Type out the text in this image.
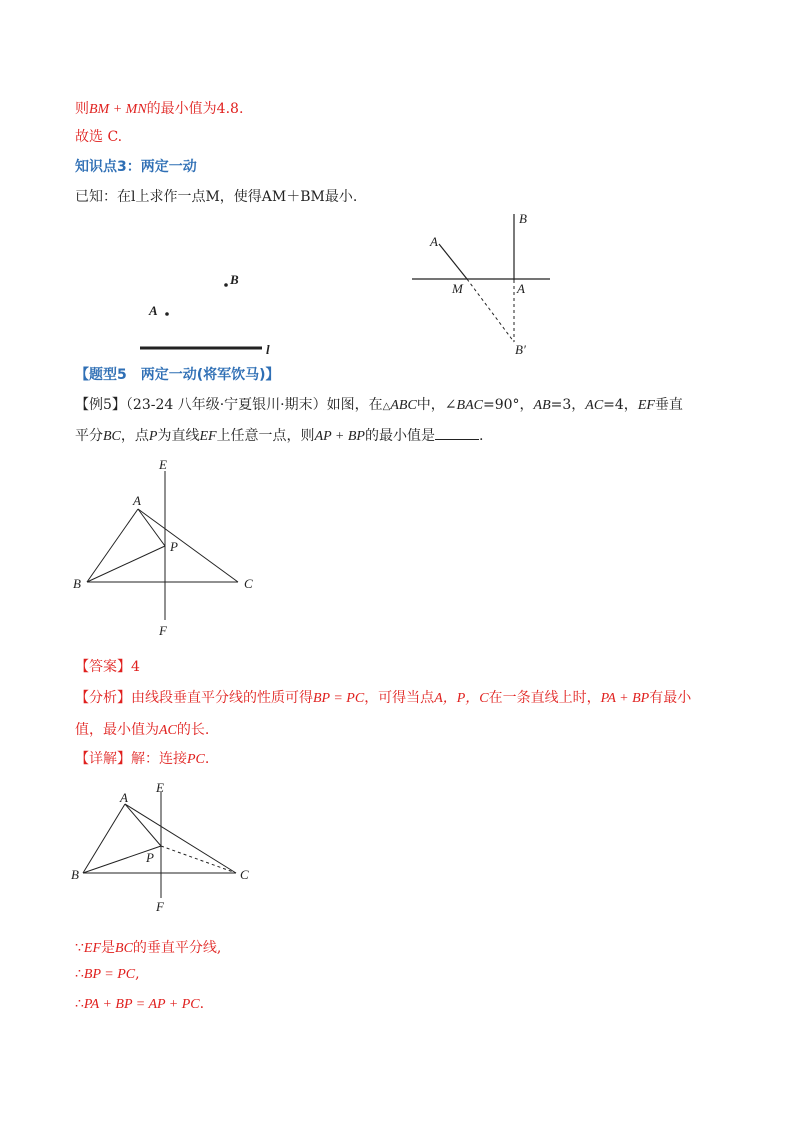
则BM + MN的最小值为4.8.
故选 C.
知识点3：两定一动
已知：在l上求作一点M，使得AM＋BM最小.
B
A
l
B
A
M	A
B′
【题型5　两定一动(将军饮马)】
【例5】（23-24 八年级·宁夏银川·期末）如图，在△ABC中，∠BAC=90°，AB=3，AC=4，EF垂直
平分BC，点P为直线EF上任意一点，则AP + BP的最小值是	.
E
F
A
P
B	C
【答案】4
【分析】由线段垂直平分线的性质可得BP = PC，可得当点A，P，C在一条直线上时，PA + BP有最小
值，最小值为AC的长.
【详解】解：连接PC.
E
F
A
P
B	C
∵EF是BC的垂直平分线,
∴BP = PC,
∴PA + BP = AP + PC.
